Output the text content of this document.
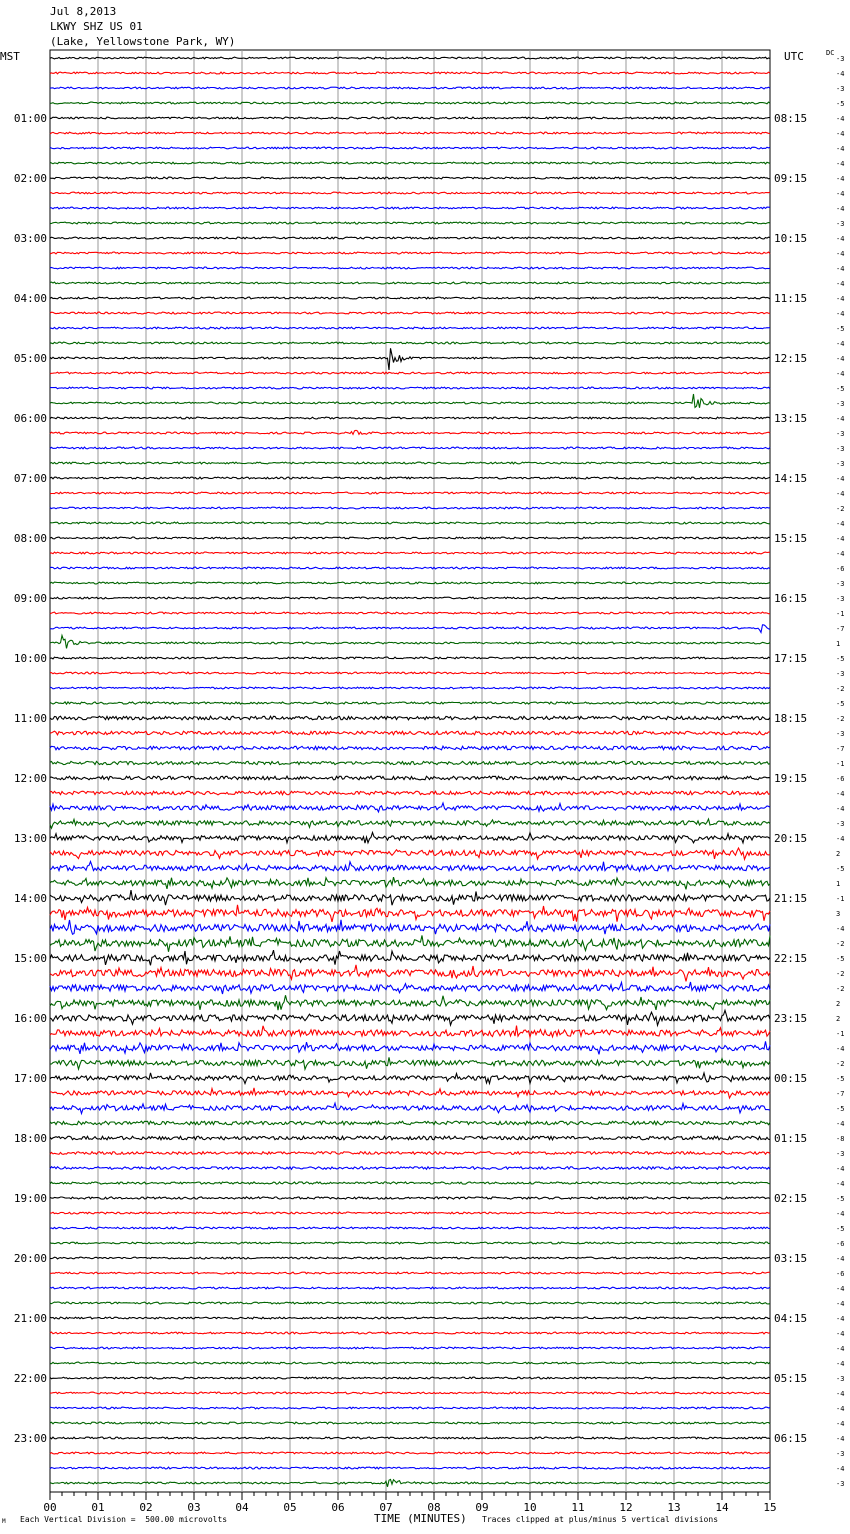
Jul 8,2013
LKWY SHZ US 01
(Lake, Yellowstone Park, WY)
MST	UTC	DC
-3
-4
-3
-5
-4
-4
-4
-4
-4
-4
-4
-3
-4
-4
-4
-4
-4
-4
-5
-4
-4
-4
-5
-3
-4
-3
-3
-3
-4
-4
-2
-4
-4
-4
-6
-3
-3
-1
-7
1
-5
-3
-2
-5
-2
-3
-7
-1
-6
-4
-4
-3
-4
2
-5
1
-1
3
-4
-2
-5
-2
-2
2
2
-1
-4
-2
-5
-7
-5
-4
-8
-3
-4
-4
-5
-4
-5
-6
-4
-6
-4
-4
-4
-4
-4
-4
-3
-4
-4
-4
-4
-3
-4
-3
01:00	08:15
02:00	09:15
03:00	10:15
04:00	11:15
05:00	12:15
06:00	13:15
07:00	14:15
08:00	15:15
09:00	16:15
10:00	17:15
11:00	18:15
12:00	19:15
13:00	20:15
14:00	21:15
15:00	22:15
16:00	23:15
17:00	00:15
18:00	01:15
19:00	02:15
20:00	03:15
21:00	04:15
22:00	05:15
23:00	06:15
00	01	02	03	04	05	06	07	08	09	10	11	12	13	14	15
TIME (MINUTES)
M Each Vertical Division =  500.00 microvolts	Traces clipped at plus/minus 5 vertical divisions
